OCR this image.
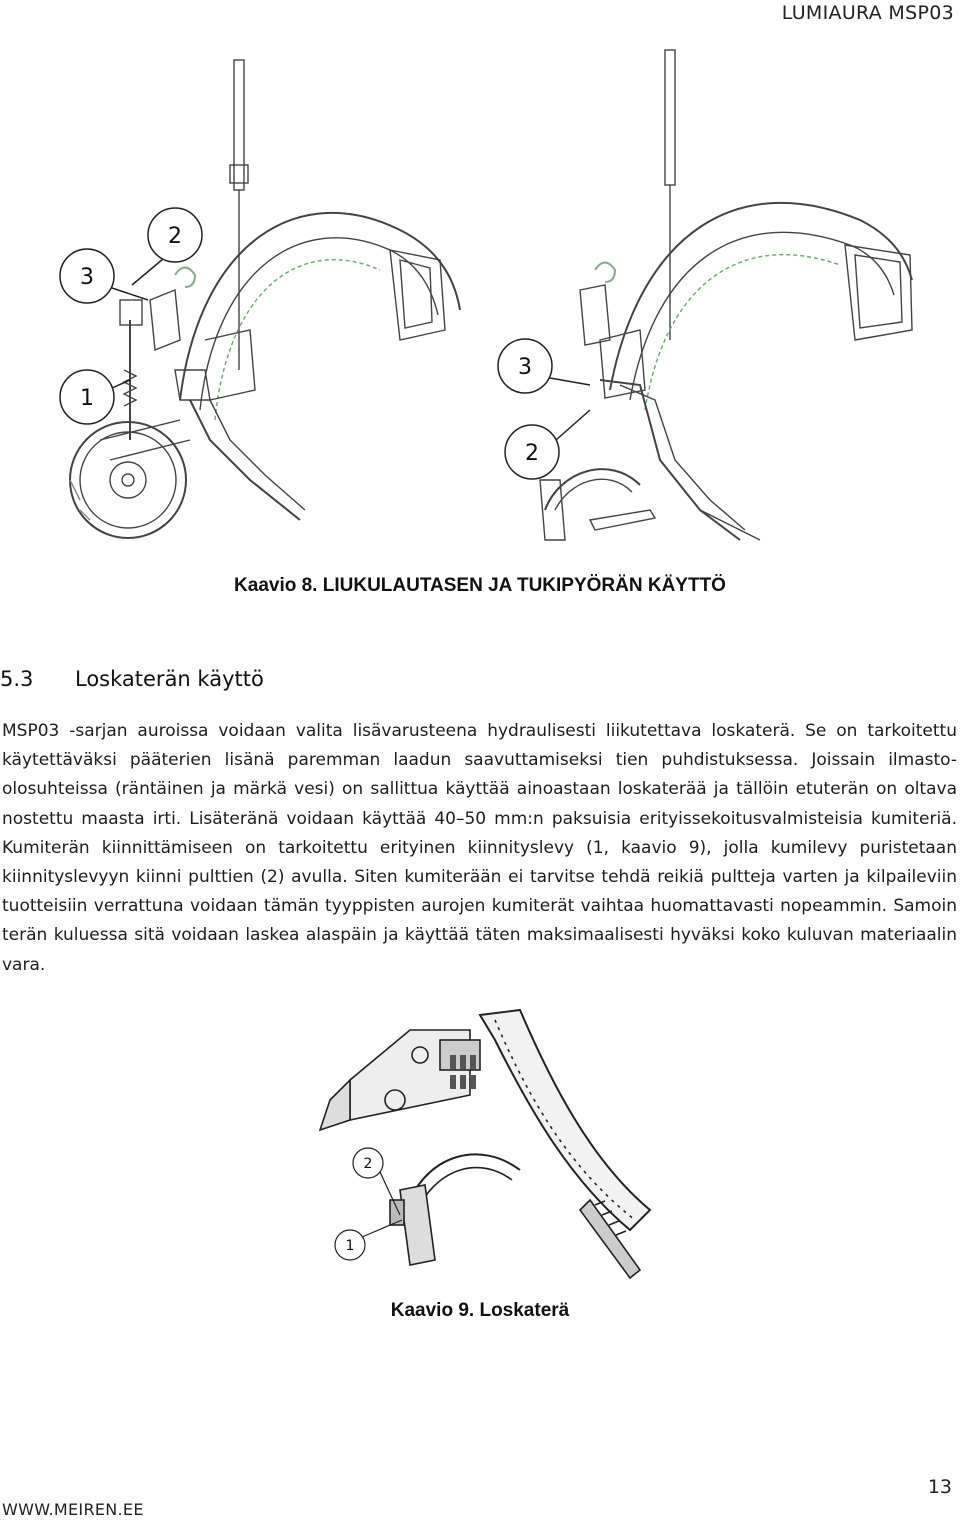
LUMIAURA MSP03
3
2
1
3
2
Kaavio 8. LIUKULAUTASEN JA TUKIPYÖRÄN KÄYTTÖ
5.3 Loskaterän käyttö
MSP03 -sarjan auroissa voidaan valita lisävarusteena hydraulisesti liikutettava loskaterä. Se on tarkoitettu käytettäväksi pääterien lisänä paremman laadun saavuttamiseksi tien puhdistuksessa. Joissain ilmasto-olosuhteissa (räntäinen ja märkä vesi) on sallittua käyttää ainoastaan loskaterää ja tällöin etuterän on oltava nostettu maasta irti. Lisäteränä voidaan käyttää 40–50 mm:n paksuisia erityissekoitusvalmisteisia kumiteriä. Kumiterän kiinnittämiseen on tarkoitettu erityinen kiinnityslevy (1, kaavio 9), jolla kumilevy puristetaan kiinnityslevyyn kiinni pulttien (2) avulla. Siten kumiterään ei tarvitse tehdä reikiä pultteja varten ja kilpaileviin tuotteisiin verrattuna voidaan tämän tyyppisten aurojen kumiterät vaihtaa huomattavasti nopeammin. Samoin terän kuluessa sitä voidaan laskea alaspäin ja käyttää täten maksimaalisesti hyväksi koko kuluvan materiaalin vara.
2
1
Kaavio 9. Loskaterä
13
WWW.MEIREN.EE
